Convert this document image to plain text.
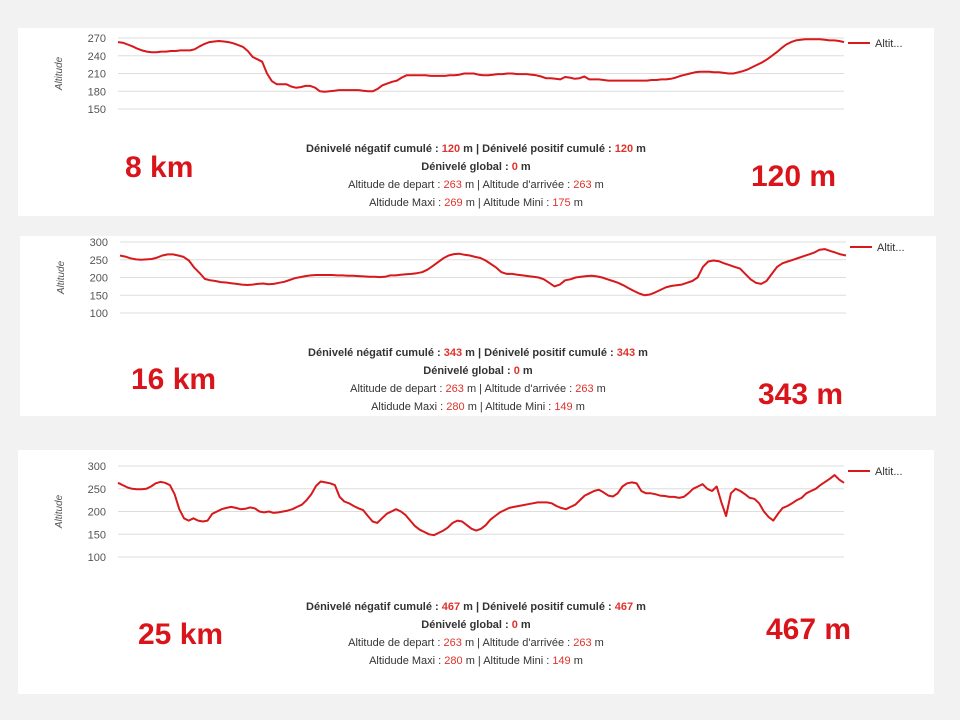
150
180
210
240
270
Altitude
Altit...
Dénivelé négatif cumulé : 120 m | Dénivelé positif cumulé : 120 m
Dénivelé global : 0 m
Altitude de depart : 263 m | Altitude d'arrivée : 263 m
Altidude Maxi : 269 m | Altitude Mini : 175 m
8 km	120 m
100
150
200
250
300
Altitude
Altit...
Dénivelé négatif cumulé : 343 m | Dénivelé positif cumulé : 343 m
Dénivelé global : 0 m
Altitude de depart : 263 m | Altitude d'arrivée : 263 m
Altidude Maxi : 280 m | Altitude Mini : 149 m
16 km	343 m
100
150
200
250
300
Altitude
Altit...
Dénivelé négatif cumulé : 467 m | Dénivelé positif cumulé : 467 m
Dénivelé global : 0 m
Altitude de depart : 263 m | Altitude d'arrivée : 263 m
Altidude Maxi : 280 m | Altitude Mini : 149 m
25 km	467 m
